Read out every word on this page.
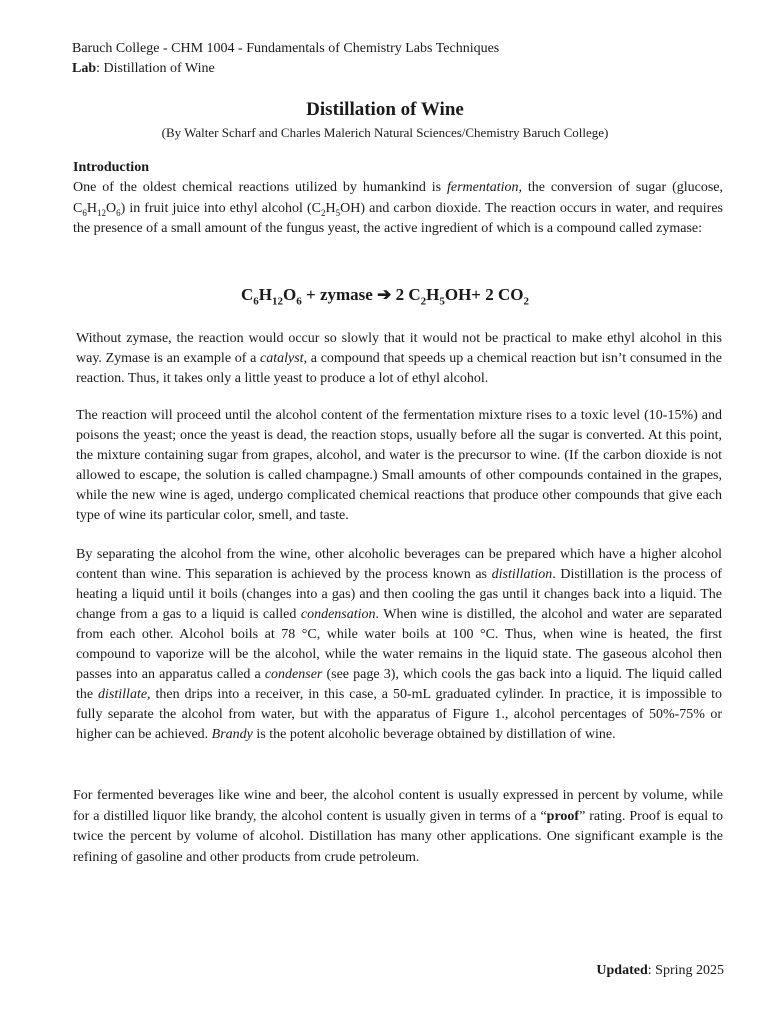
Baruch College - CHM 1004 - Fundamentals of Chemistry Labs Techniques
Lab: Distillation of Wine
Distillation of Wine
(By Walter Scharf and Charles Malerich Natural Sciences/Chemistry Baruch College)
Introduction
One of the oldest chemical reactions utilized by humankind is fermentation, the conversion of sugar (glucose, $C_6H_{12}O_6$) in fruit juice into ethyl alcohol $(C_2H_5OH)$ and carbon dioxide. The reaction occurs in water, and requires the presence of a small amount of the fungus yeast, the active ingredient of which is a compound called zymase:
$C_6H_{12}O_6$ + zymase ➔ 2 $C_2H_5OH+ 2$ $CO_2$
Without zymase, the reaction would occur so slowly that it would not be practical to make ethyl alcohol in this way. Zymase is an example of a catalyst, a compound that speeds up a chemical reaction but isn’t consumed in the reaction. Thus, it takes only a little yeast to produce a lot of ethyl alcohol.
The reaction will proceed until the alcohol content of the fermentation mixture rises to a toxic level (10-15%) and poisons the yeast; once the yeast is dead, the reaction stops, usually before all the sugar is converted. At this point, the mixture containing sugar from grapes, alcohol, and water is the precursor to wine. (If the carbon dioxide is not allowed to escape, the solution is called champagne.) Small amounts of other compounds contained in the grapes, while the new wine is aged, undergo complicated chemical reactions that produce other compounds that give each type of wine its particular color, smell, and taste.
By separating the alcohol from the wine, other alcoholic beverages can be prepared which have a higher alcohol content than wine. This separation is achieved by the process known as distillation. Distillation is the process of heating a liquid until it boils (changes into a gas) and then cooling the gas until it changes back into a liquid. The change from a gas to a liquid is called condensation. When wine is distilled, the alcohol and water are separated from each other. Alcohol boils at 78 °C, while water boils at 100 °C. Thus, when wine is heated, the first compound to vaporize will be the alcohol, while the water remains in the liquid state. The gaseous alcohol then passes into an apparatus called a condenser (see page 3), which cools the gas back into a liquid. The liquid called the distillate, then drips into a receiver, in this case, a 50-mL graduated cylinder. In practice, it is impossible to fully separate the alcohol from water, but with the apparatus of Figure 1., alcohol percentages of 50%-75% or higher can be achieved. Brandy is the potent alcoholic beverage obtained by distillation of wine.
For fermented beverages like wine and beer, the alcohol content is usually expressed in percent by volume, while for a distilled liquor like brandy, the alcohol content is usually given in terms of a “proof” rating. Proof is equal to twice the percent by volume of alcohol. Distillation has many other applications. One significant example is the refining of gasoline and other products from crude petroleum.
Updated: Spring 2025
